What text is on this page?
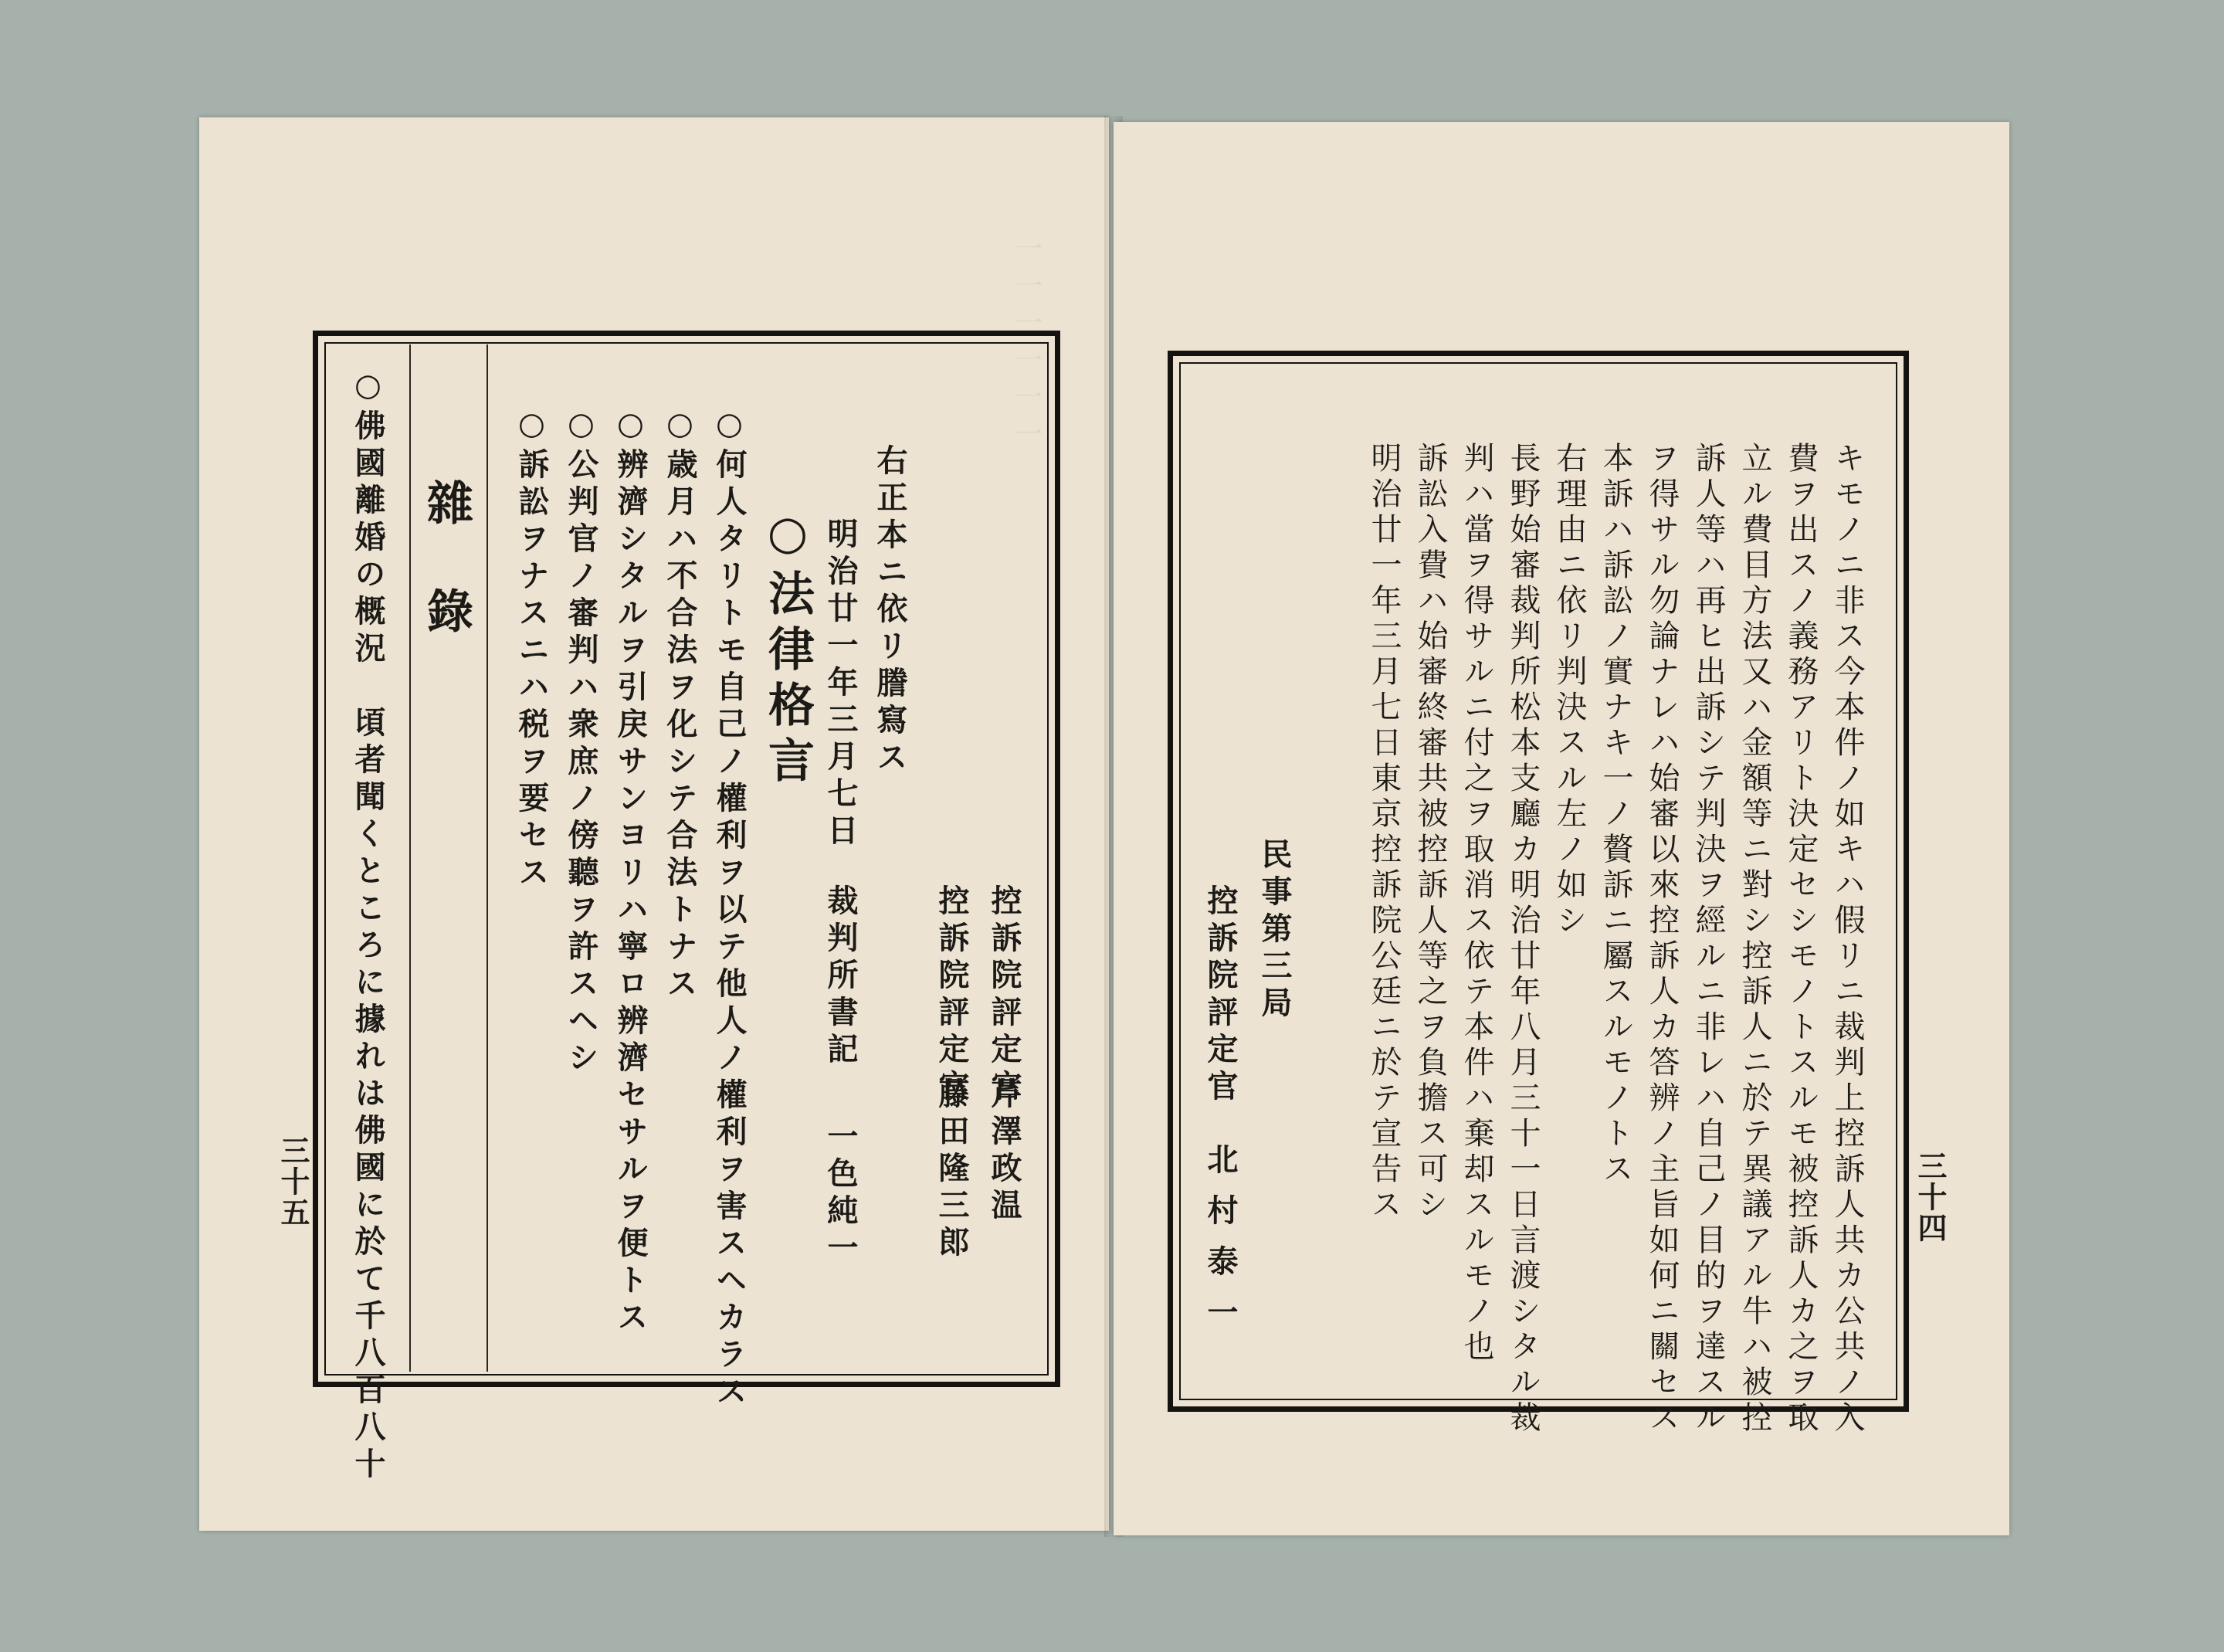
一一一一一一
控訴院評定官
芹澤政温
控訴院評定官
藤田隆三郎
右正本ニ依リ謄寫ス
明治廿一年三月七日
裁判所書記
一色純一
○法律格言
○何人タリトモ自己ノ權利ヲ以テ他人ノ權利ヲ害スヘカラス
○歳月ハ不合法ヲ化シテ合法トナス
○辨濟シタルヲ引戻サンヨリハ寧ロ辨濟セサルヲ便トス
○公判官ノ審判ハ衆庶ノ傍聽ヲ許スヘシ
○訴訟ヲナスニハ税ヲ要セス
雜錄
○佛國離婚の概況　頃者聞くところに據れは佛國に於て千八百八十
三十五	キモノニ非ス今本件ノ如キハ假リニ裁判上控訴人共カ公共ノ入
費ヲ出スノ義務アリト決定セシモノトスルモ被控訴人カ之ヲ取
立ル費目方法又ハ金額等ニ對シ控訴人ニ於テ異議アル牛ハ被控
訴人等ハ再ヒ出訴シテ判決ヲ經ルニ非レハ自己ノ目的ヲ達スル
ヲ得サル勿論ナレハ始審以來控訴人カ答辨ノ主旨如何ニ關セス
本訴ハ訴訟ノ實ナキ一ノ贅訴ニ屬スルモノトス
右理由ニ依リ判決スル左ノ如シ
長野始審裁判所松本支廳カ明治廿年八月三十一日言渡シタル裁
判ハ當ヲ得サルニ付之ヲ取消ス依テ本件ハ棄却スルモノ也
訴訟入費ハ始審終審共被控訴人等之ヲ負擔ス可シ
明治廿一年三月七日東京控訴院公廷ニ於テ宣告ス
民事第三局
控訴院評定官
北村泰一	三十四
